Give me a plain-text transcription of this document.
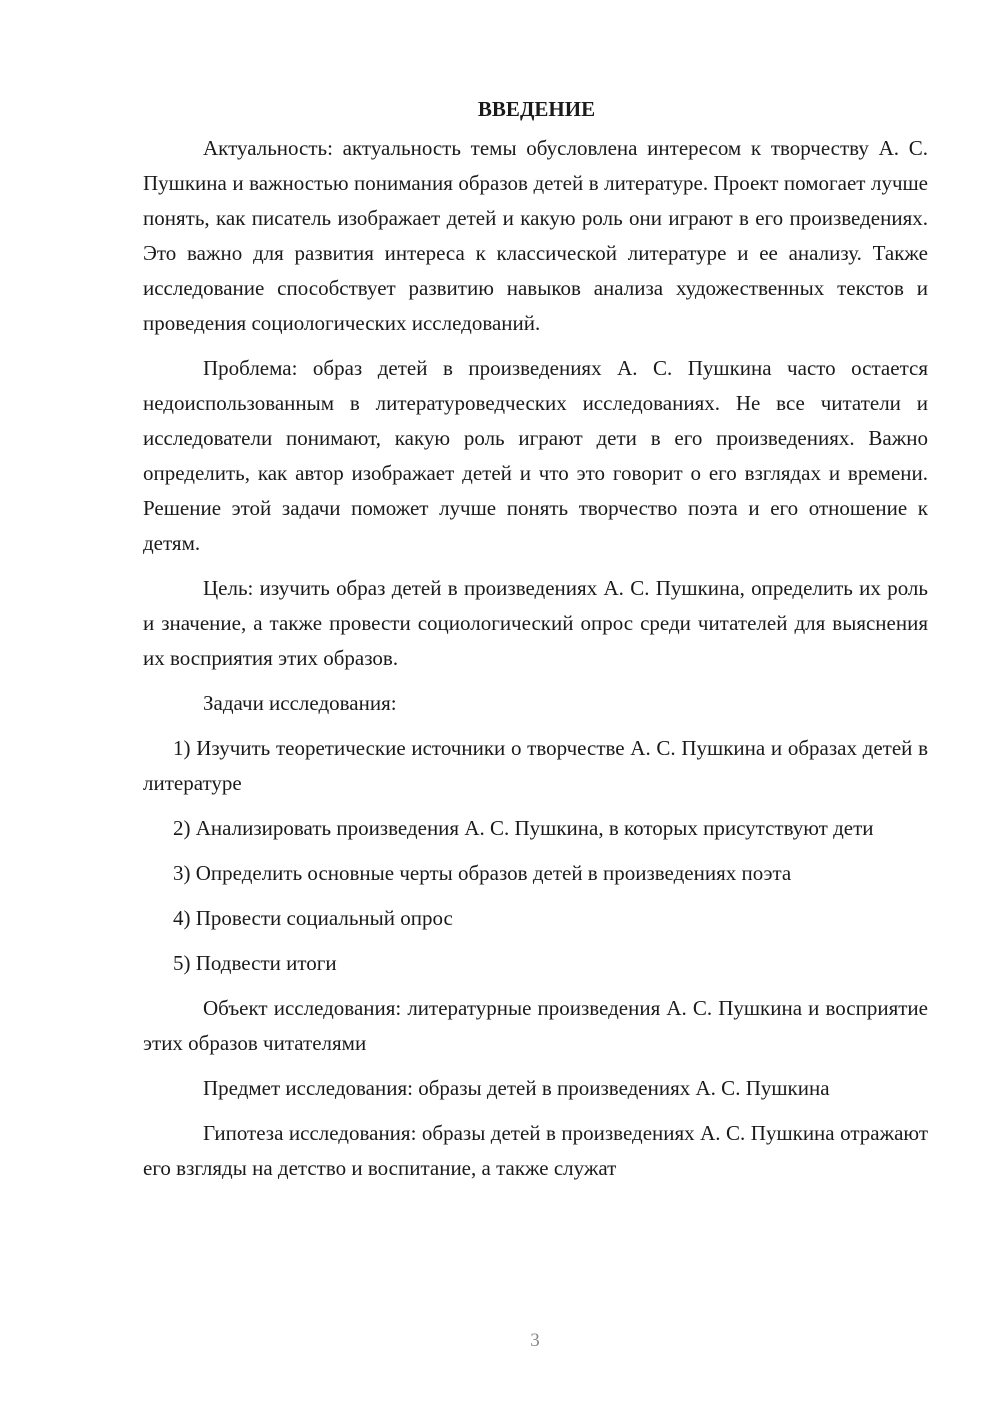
ВВЕДЕНИЕ

Актуальность: актуальность темы обусловлена интересом к творчеству А. С. Пушкина и важностью понимания образов детей в литературе. Проект помогает лучше понять, как писатель изображает детей и какую роль они играют в его произведениях. Это важно для развития интереса к классической литературе и ее анализу. Также исследование способствует развитию навыков анализа художественных текстов и проведения социологических исследований.

Проблема: образ детей в произведениях А. С. Пушкина часто остается недоиспользованным в литературоведческих исследованиях. Не все читатели и исследователи понимают, какую роль играют дети в его произведениях. Важно определить, как автор изображает детей и что это говорит о его взглядах и времени. Решение этой задачи поможет лучше понять творчество поэта и его отношение к детям.

Цель: изучить образ детей в произведениях А. С. Пушкина, определить их роль и значение, а также провести социологический опрос среди читателей для выяснения их восприятия этих образов.

Задачи исследования:

1) Изучить теоретические источники о творчестве А. С. Пушкина и образах детей в литературе

2) Анализировать произведения А. С. Пушкина, в которых присутствуют дети

3) Определить основные черты образов детей в произведениях поэта

4) Провести социальный опрос

5) Подвести итоги

Объект исследования: литературные произведения А. С. Пушкина и восприятие этих образов читателями

Предмет исследования: образы детей в произведениях А. С. Пушкина

Гипотеза исследования: образы детей в произведениях А. С. Пушкина отражают его взгляды на детство и воспитание, а также служат

3
